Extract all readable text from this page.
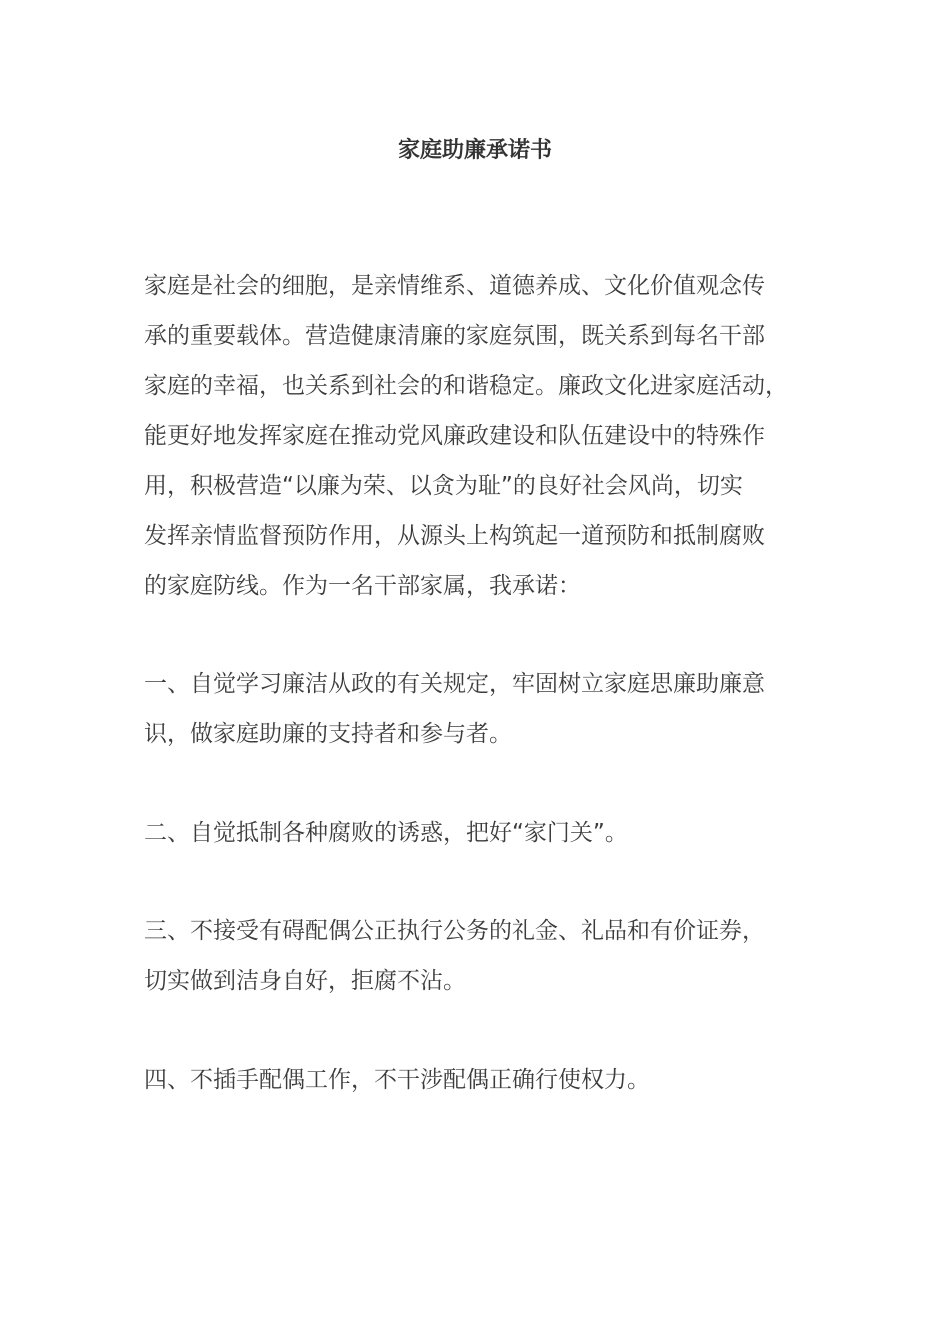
家庭助廉承诺书
家庭是社会的细胞，是亲情维系、道德养成、文化价值观念传
承的重要载体。营造健康清廉的家庭氛围，既关系到每名干部
家庭的幸福，也关系到社会的和谐稳定。廉政文化进家庭活动，
能更好地发挥家庭在推动党风廉政建设和队伍建设中的特殊作
用，积极营造“以廉为荣、以贪为耻”的良好社会风尚，切实
发挥亲情监督预防作用，从源头上构筑起一道预防和抵制腐败
的家庭防线。作为一名干部家属，我承诺：
一、自觉学习廉洁从政的有关规定，牢固树立家庭思廉助廉意
识，做家庭助廉的支持者和参与者。
二、自觉抵制各种腐败的诱惑，把好“家门关”。
三、不接受有碍配偶公正执行公务的礼金、礼品和有价证券，
切实做到洁身自好，拒腐不沾。
四、不插手配偶工作，不干涉配偶正确行使权力。
